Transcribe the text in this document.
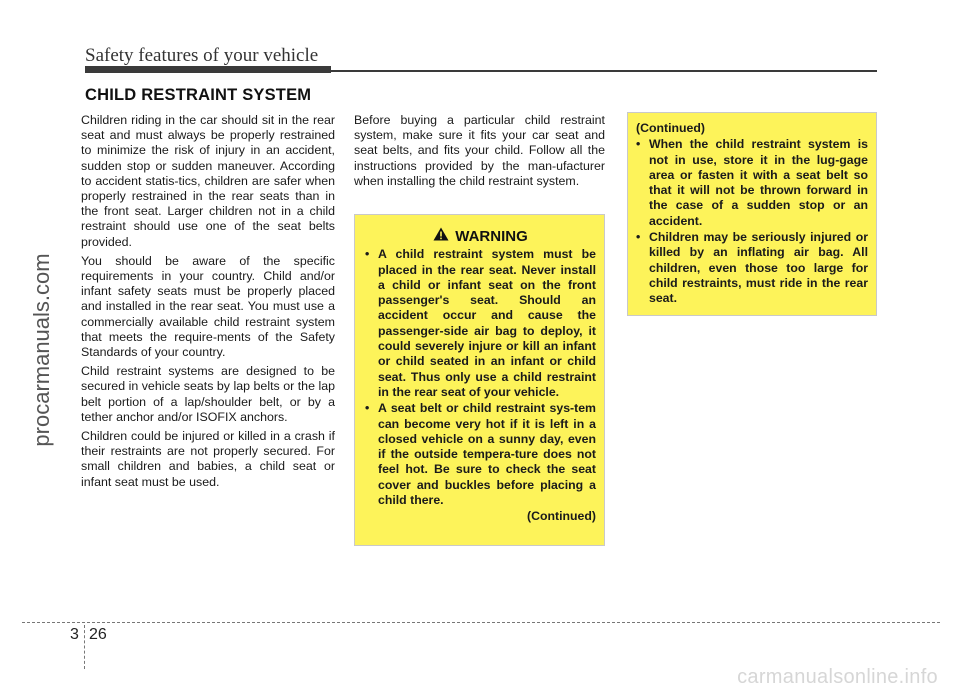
Safety features of your vehicle
procarmanuals.com
CHILD RESTRAINT SYSTEM

Children riding in the car should sit in the rear seat and must always be properly restrained to minimize the risk of injury in an accident, sudden stop or sudden maneuver. According to accident statis-tics, children are safer when properly restrained in the rear seats than in the front seat. Larger children not in a child restraint should use one of the seat belts provided.

You should be aware of the specific requirements in your country. Child and/or infant safety seats must be properly placed and installed in the rear seat. You must use a commercially available child restraint system that meets the require-ments of the Safety Standards of your country.

Child restraint systems are designed to be secured in vehicle seats by lap belts or the lap belt portion of a lap/shoulder belt, or by a tether anchor and/or ISOFIX anchors.

Children could be injured or killed in a crash if their restraints are not properly secured. For small children and babies, a child seat or infant seat must be used.

Before buying a particular child restraint system, make sure it fits your car seat and seat belts, and fits your child. Follow all the instructions provided by the man-ufacturer when installing the child restraint system.

WARNING
• A child restraint system must be placed in the rear seat. Never install a child or infant seat on the front passenger's seat. Should an accident occur and cause the passenger-side air bag to deploy, it could severely injure or kill an infant or child seated in an infant or child seat. Thus only use a child restraint in the rear seat of your vehicle.
• A seat belt or child restraint sys-tem can become very hot if it is left in a closed vehicle on a sunny day, even if the outside tempera-ture does not feel hot. Be sure to check the seat cover and buckles before placing a child there.
(Continued)
(Continued)
• When the child restraint system is not in use, store it in the lug-gage area or fasten it with a seat belt so that it will not be thrown forward in the case of a sudden stop or an accident.
• Children may be seriously injured or killed by an inflating air bag. All children, even those too large for child restraints, must ride in the rear seat.
3 26
carmanualsonline.info
